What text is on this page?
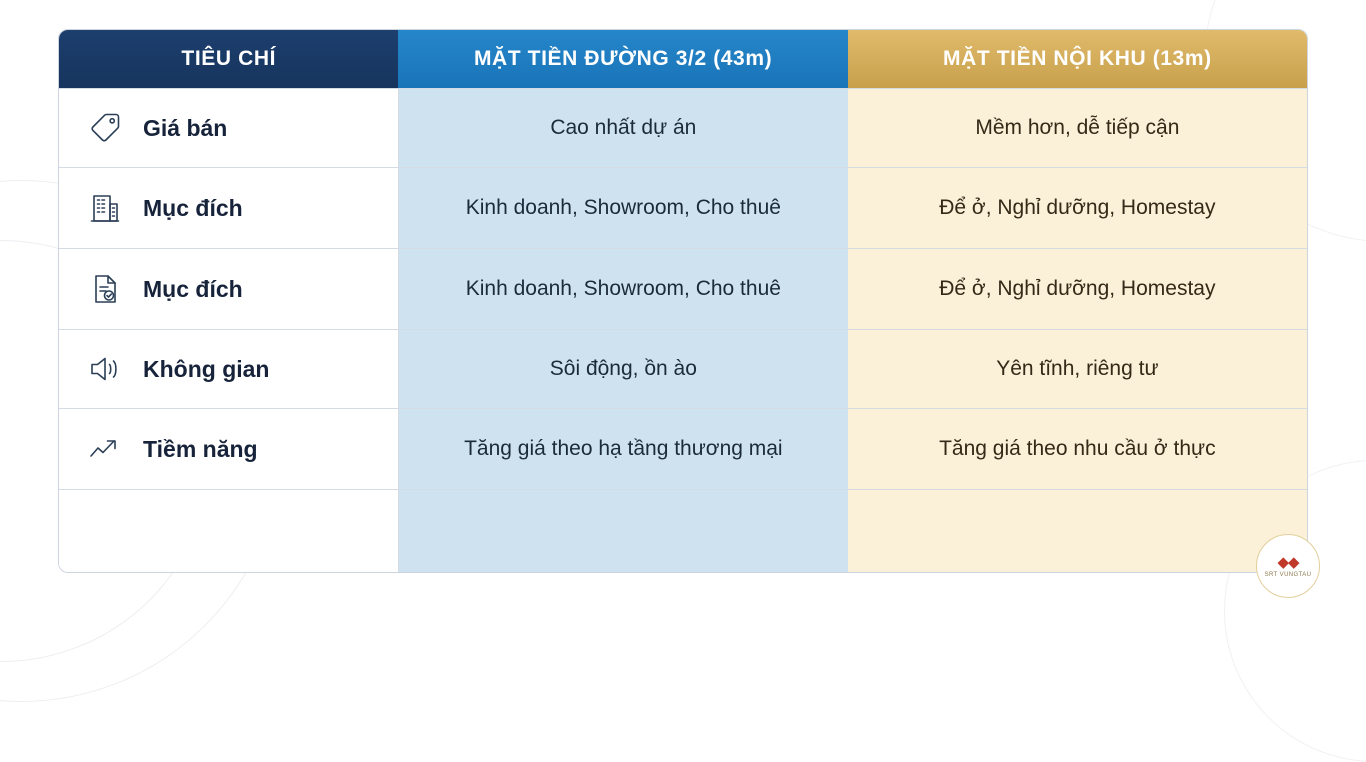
TIÊU CHÍ	MẶT TIỀN ĐƯỜNG 3/2 (43m)	MẶT TIỀN NỘI KHU (13m)

Giá bán	Cao nhất dự án	Mềm hơn, dễ tiếp cận

Mục đích	Kinh doanh, Showroom, Cho thuê	Để ở, Nghỉ dưỡng, Homestay

Mục đích	Kinh doanh, Showroom, Cho thuê	Để ở, Nghỉ dưỡng, Homestay

Không gian	Sôi động, ồn ào	Yên tĩnh, riêng tư

Tiềm năng	Tăng giá theo hạ tầng thương mại	Tăng giá theo nhu cầu ở thực

◆◆
SRT VUNGTAU
